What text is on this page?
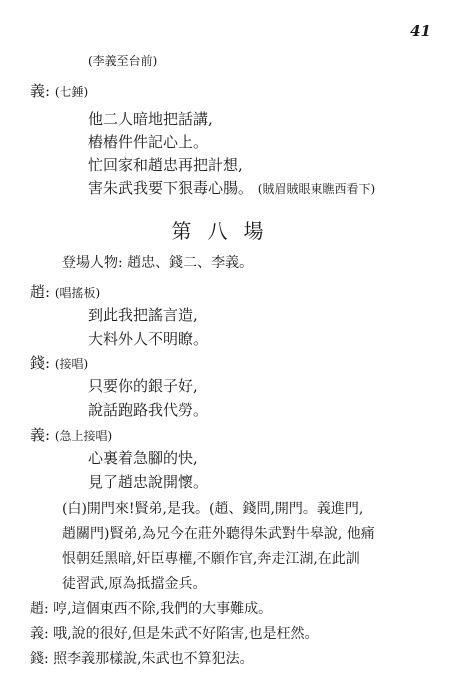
41
(李義至台前)
義: (七錘)
他二人暗地把話講,
樁樁件件記心上。
忙回家和趙忠再把計想,
害朱武我要下狠毒心腸。 (賊眉賊眼東瞧西看下)
第八場
登場人物: 趙忠、錢二、李義。
趙: (唱搖板)
到此我把謠言造,
大料外人不明瞭。
錢: (接唱)
只要你的銀子好,
說話跑路我代勞。
義: (急上接唱)
心裏着急腳的快,
見了趙忠說開懷。
(白)開門來!賢弟,是我。(趙、錢問,開門。義進門,
趙關門)賢弟,為兄今在莊外聽得朱武對牛皋說, 他痛
恨朝廷黑暗,奸臣專權,不願作官,奔走江湖,在此訓
徒習武,原為抵擋金兵。
趙: 哼,這個東西不除,我們的大事難成。
義: 哦,說的很好,但是朱武不好陷害,也是枉然。
錢: 照李義那樣說,朱武也不算犯法。
